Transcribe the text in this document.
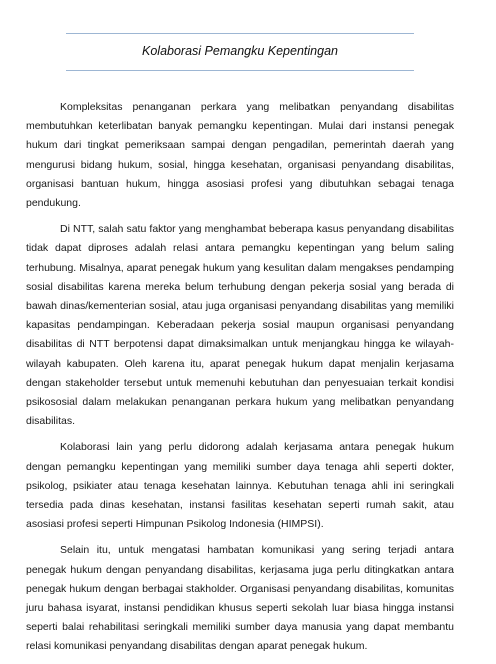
Kolaborasi Pemangku Kepentingan

Kompleksitas penanganan perkara yang melibatkan penyandang disabilitas membutuhkan keterlibatan banyak pemangku kepentingan. Mulai dari instansi penegak hukum dari tingkat pemeriksaan sampai dengan pengadilan, pemerintah daerah yang mengurusi bidang hukum, sosial, hingga kesehatan, organisasi penyandang disabilitas, organisasi bantuan hukum, hingga asosiasi profesi yang dibutuhkan sebagai tenaga pendukung.

Di NTT, salah satu faktor yang menghambat beberapa kasus penyandang disabilitas tidak dapat diproses adalah relasi antara pemangku kepentingan yang belum saling terhubung. Misalnya, aparat penegak hukum yang kesulitan dalam mengakses pendamping sosial disabilitas karena mereka belum terhubung dengan pekerja sosial yang berada di bawah dinas/kementerian sosial, atau juga organisasi penyandang disabilitas yang memiliki kapasitas pendampingan. Keberadaan pekerja sosial maupun organisasi penyandang disabilitas di NTT berpotensi dapat dimaksimalkan untuk menjangkau hingga ke wilayah-wilayah kabupaten. Oleh karena itu, aparat penegak hukum dapat menjalin kerjasama dengan stakeholder tersebut untuk memenuhi kebutuhan dan penyesuaian terkait kondisi psikososial dalam melakukan penanganan perkara hukum yang melibatkan penyandang disabilitas.

Kolaborasi lain yang perlu didorong adalah kerjasama antara penegak hukum dengan pemangku kepentingan yang memiliki sumber daya tenaga ahli seperti dokter, psikolog, psikiater atau tenaga kesehatan lainnya. Kebutuhan tenaga ahli ini seringkali tersedia pada dinas kesehatan, instansi fasilitas kesehatan seperti rumah sakit, atau asosiasi profesi seperti Himpunan Psikolog Indonesia (HIMPSI).

Selain itu, untuk mengatasi hambatan komunikasi yang sering terjadi antara penegak hukum dengan penyandang disabilitas, kerjasama juga perlu ditingkatkan antara penegak hukum dengan berbagai stakholder. Organisasi penyandang disabilitas, komunitas juru bahasa isyarat, instansi pendidikan khusus seperti sekolah luar biasa hingga instansi seperti balai rehabilitasi seringkali memiliki sumber daya manusia yang dapat membantu relasi komunikasi penyandang disabilitas dengan aparat penegak hukum.
